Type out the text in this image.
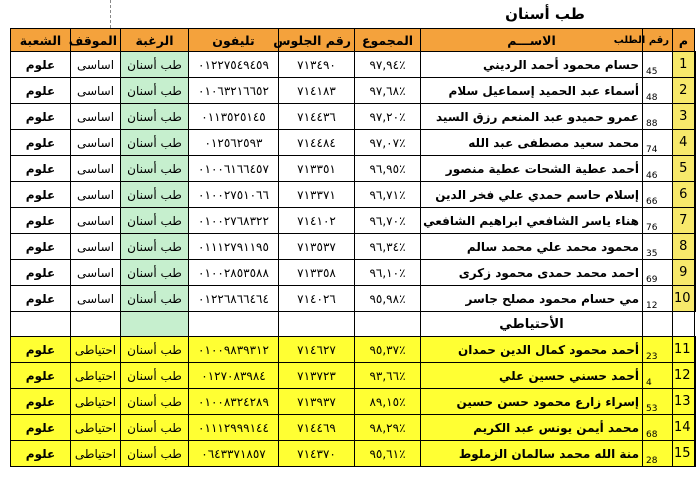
طب أسنان
م	رقم الطلب	الاســـم	المجموع	رقم الجلوس	تليفون	الرغبة	الموقف	الشعبة
1	45	حسام محمود أحمد الرديني	٪٩٧,٩٤	٧١٣٤٩٠	٠١٢٢٧٥٤٩٤٥٩	طب أسنان	اساسى	علوم
2	48	أسماء عبد الحميد إسماعيل سلام	٪٩٧,٦٨	٧١٤١٨٣	٠١٠٦٣٢١٦٦٥٢	طب أسنان	اساسى	علوم
3	88	عمرو حميدو عبد المنعم رزق السيد	٪٩٧,٢٠	٧١٤٤٣٦	٠١١٣٥٢٥١٤٥	طب أسنان	اساسى	علوم
4	74	محمد سعيد مصطفى عبد الله	٪٩٧,٠٧	٧١٤٤٨٤	٠١٢٥٦٢٥٩٣	طب أسنان	اساسى	علوم
5	46	أحمد عطية الشحات عطية منصور	٪٩٦,٩٥	٧١٣٣٥١	٠١٠٠٦١٦٦٤٥٧	طب أسنان	اساسى	علوم
6	66	إسلام حاسم حمدي علي فخر الدين	٪٩٦,٧١	٧١٣٣٧١	٠١٠٠٢٧٥١٠٦٦	طب أسنان	اساسى	علوم
7	76	هناء ياسر الشافعي ابراهيم الشافعي	٪٩٦,٧٠	٧١٤١٠٢	٠١٠٠٢٧٦٨٣٢٢	طب أسنان	اساسى	علوم
8	35	محمود محمد علي محمد سالم	٪٩٦,٣٤	٧١٣٥٣٧	٠١١١٢٧٩١١٩٥	طب أسنان	اساسى	علوم
9	69	احمد محمد حمدى محمود زكرى	٪٩٦,١٠	٧١٣٣٥٨	٠١٠٠٢٨٥٣٥٨٨	طب أسنان	اساسى	علوم
10	12	مي حسام محمود مصلح جاسر	٪٩٥,٩٨	٧١٤٠٢٦	٠١٢٢٦٨٦٦٤٦٤	طب أسنان	اساسى	علوم
		الأحتياطي						
11	23	أحمد محمود كمال الدين حمدان	٪٩٥,٣٧	٧١٤٦٢٧	٠١٠٠٩٨٣٩٣١٢	طب أسنان	احتياطى	علوم
12	4	أحمد حسني حسين علي	٪٩٣,٦٦	٧١٣٧٢٣	٠١٢٧٠٨٣٩٨٤	طب أسنان	احتياطى	علوم
13	53	إسراء زارع محمود حسن حسين	٪٨٩,١٥	٧١٣٩٣٧	٠١٠٠٨٣٢٤٢٨٩	طب أسنان	احتياطى	علوم
14	68	محمد أيمن يونس عبد الكريم	٪٩٨,٢٩	٧١٤٤٦٩	٠١١١٢٩٩٩١٤٤	طب أسنان	احتياطى	علوم
15	28	منة الله محمد سالمان الزملوط	٪٩٥,٦١	٧١٤٣٧٠	٠٦٤٣٣٧١٨٥٧	طب أسنان	احتياطى	علوم
